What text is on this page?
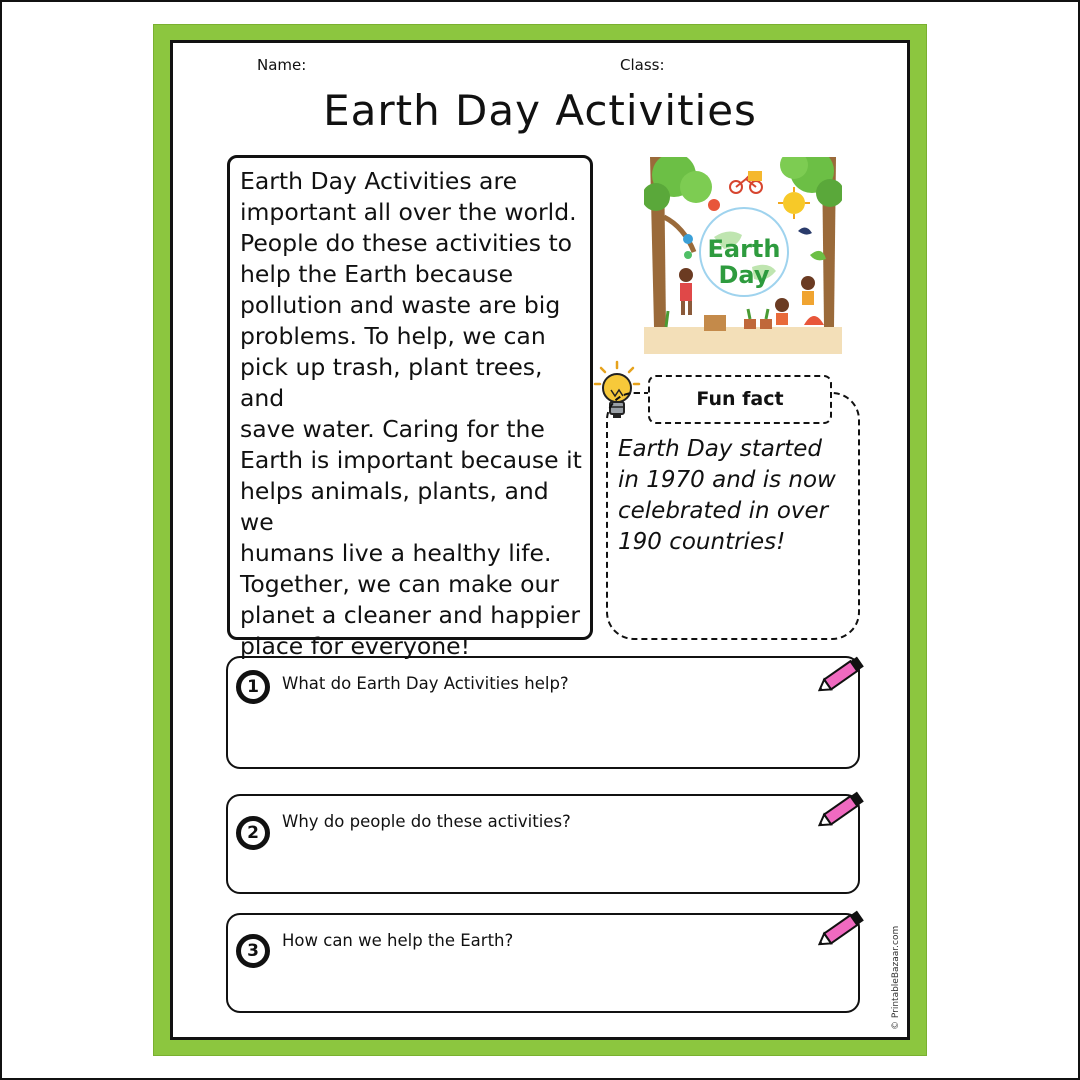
Name:	Class:
Earth Day Activities

Earth Day Activities are
important all over the world.
People do these activities to
help the Earth because
pollution and waste are big
problems. To help, we can
pick up trash, plant trees, and
save water. Caring for the
Earth is important because it
helps animals, plants, and we
humans live a healthy life.
Together, we can make our
planet a cleaner and happier
place for everyone!

Earth
Day
Fun fact
Earth Day started
in 1970 and is now
celebrated in over
190 countries!
1	What do Earth Day Activities help?
2
Why do people do these activities?
3
How can we help the Earth?	© PrintableBazaar.com
